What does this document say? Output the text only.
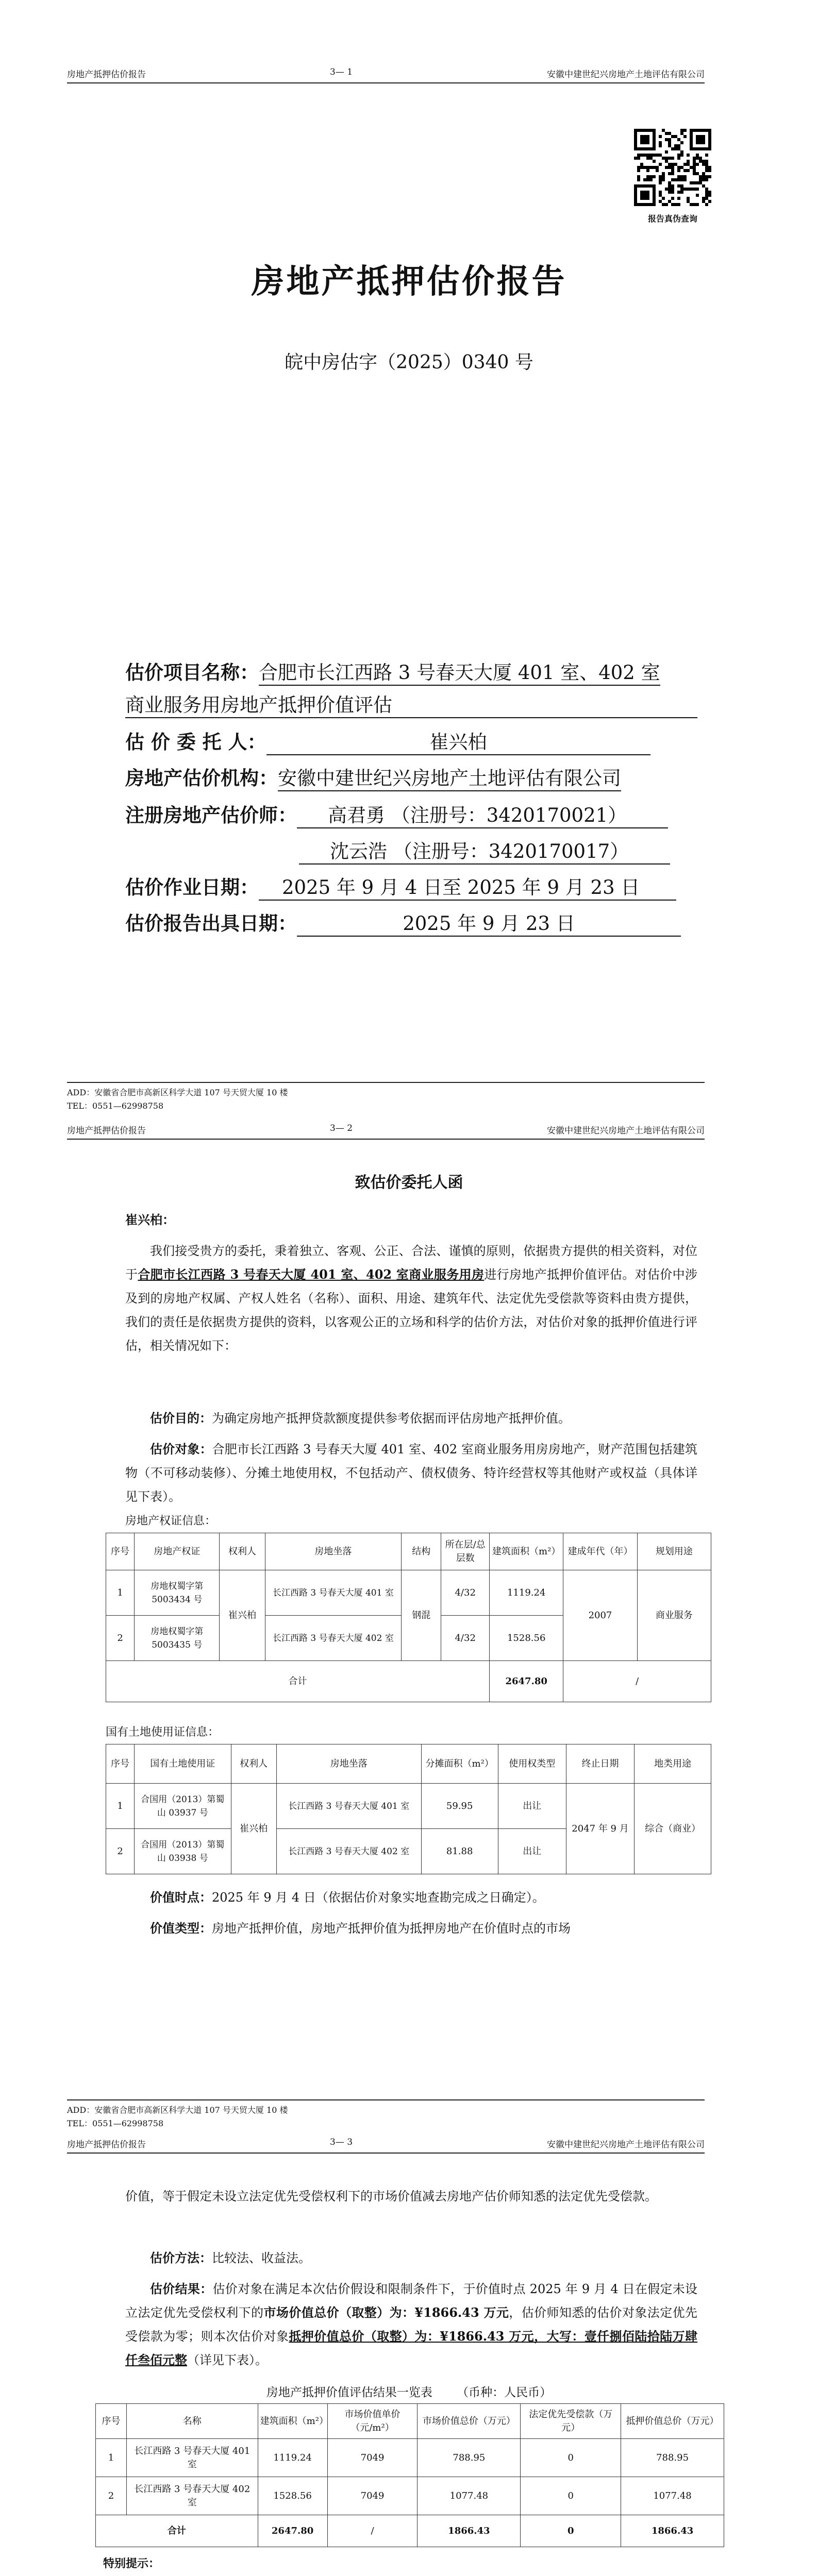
房地产抵押估价报告	3— 1	安徽中建世纪兴房地产土地评估有限公司
报告真伪查询
房地产抵押估价报告
皖中房估字（2025）0340 号
估价项目名称：合肥市长江西路 3 号春天大厦 401 室、402 室
商业服务用房地产抵押价值评估
估 价 委 托 人：	崔兴柏
房地产估价机构：安徽中建世纪兴房地产土地评估有限公司
注册房地产估价师： 高君勇 （注册号：3420170021）
沈云浩 （注册号：3420170017）
估价作业日期： 2025 年 9 月 4 日至 2025 年 9 月 23 日
估价报告出具日期：	2025 年 9 月 23 日
ADD：安徽省合肥市高新区科学大道 107 号天贸大厦 10 楼
TEL：0551—62998758
房地产抵押估价报告	3— 2	安徽中建世纪兴房地产土地评估有限公司
致估价委托人函
崔兴柏：
我们接受贵方的委托，秉着独立、客观、公正、合法、谨慎的原则，依据贵方提供的相关资料，对位于合肥市长江西路 3 号春天大厦 401 室、402 室商业服务用房进行房地产抵押价值评估。对估价中涉及到的房地产权属、产权人姓名（名称）、面积、用途、建筑年代、法定优先受偿款等资料由贵方提供，我们的责任是依据贵方提供的资料，以客观公正的立场和科学的估价方法，对估价对象的抵押价值进行评估，相关情况如下：
估价目的：为确定房地产抵押贷款额度提供参考依据而评估房地产抵押价值。
估价对象：合肥市长江西路 3 号春天大厦 401 室、402 室商业服务用房房地产，财产范围包括建筑物（不可移动装修）、分摊土地使用权，不包括动产、债权债务、特许经营权等其他财产或权益（具体详见下表）。
房地产权证信息：
序号	房地产权证	权利人	房地坐落	结构	所在层/总层数	建筑面积（m²）	建成年代（年）	规划用途
1	房地权蜀字第 5003434 号	崔兴柏	长江西路 3 号春天大厦 401 室	钢混	4/32	1119.24	2007	商业服务
2	房地权蜀字第 5003435 号		长江西路 3 号春天大厦 402 室		4/32	1528.56		
合计						2647.80	/	
国有土地使用证信息：
序号	国有土地使用证	权利人	房地坐落	分摊面积（m²）	使用权类型	终止日期	地类用途
1	合国用（2013）第蜀山 03937 号	崔兴柏	长江西路 3 号春天大厦 401 室	59.95	出让	2047 年 9 月	综合（商业）
2	合国用（2013）第蜀山 03938 号		长江西路 3 号春天大厦 402 室	81.88	出让		
价值时点：2025 年 9 月 4 日（依据估价对象实地查勘完成之日确定）。
价值类型：房地产抵押价值，房地产抵押价值为抵押房地产在价值时点的市场
ADD：安徽省合肥市高新区科学大道 107 号天贸大厦 10 楼
TEL：0551—62998758
房地产抵押估价报告	3— 3	安徽中建世纪兴房地产土地评估有限公司
价值，等于假定未设立法定优先受偿权利下的市场价值减去房地产估价师知悉的法定优先受偿款。
估价方法：比较法、收益法。
估价结果：估价对象在满足本次估价假设和限制条件下，于价值时点 2025 年 9 月 4 日在假定未设立法定优先受偿权利下的市场价值总价（取整）为：¥1866.43 万元，估价师知悉的估价对象法定优先受偿款为零；则本次估价对象抵押价值总价（取整）为：¥1866.43 万元，大写：壹仟捌佰陆拾陆万肆仟叁佰元整（详见下表）。
房地产抵押价值评估结果一览表 （币种：人民币）
序号	名称	建筑面积（m²）	市场价值单价（元/m²）	市场价值总价（万元）	法定优先受偿款（万元）	抵押价值总价（万元）
1	长江西路 3 号春天大厦 401 室	1119.24	7049	788.95	0	788.95
2	长江西路 3 号春天大厦 402 室	1528.56	7049	1077.48	0	1077.48
合计		2647.80	/	1866.43	0	1866.43
特别提示：
